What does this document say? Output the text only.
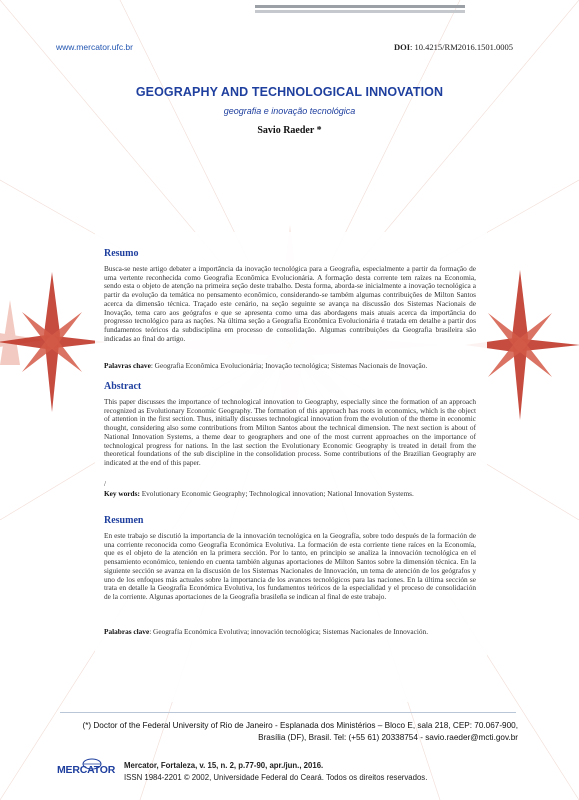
www.mercator.ufc.br	DOI: 10.4215/RM2016.1501.0005
GEOGRAPHY AND TECHNOLOGICAL INNOVATION
geografia e inovação tecnológica
Savio Raeder *
Resumo
Busca-se neste artigo debater a importância da inovação tecnológica para a Geografia, especialmente a partir da formação de uma vertente reconhecida como Geografia Econômica Evolucionária. A formação desta corrente tem raízes na Economia, sendo esta o objeto de atenção na primeira seção deste trabalho. Desta forma, aborda-se inicialmente a inovação tecnológica a partir da evolução da temática no pensamento econômico, considerando-se também algumas contribuições de Milton Santos acerca da dimensão técnica. Traçado este cenário, na seção seguinte se avança na discussão dos Sistemas Nacionais de Inovação, tema caro aos geógrafos e que se apresenta como uma das abordagens mais atuais acerca da importância do progresso tecnológico para as nações. Na última seção a Geografia Econômica Evolucionária é tratada em detalhe a partir dos fundamentos teóricos da subdisciplina em processo de consolidação. Algumas contribuições da Geografia brasileira são indicadas ao final do artigo.
Palavras chave: Geografia Econômica Evolucionária; Inovação tecnológica; Sistemas Nacionais de Inovação.
Abstract
This paper discusses the importance of technological innovation to Geography, especially since the formation of an approach recognized as Evolutionary Economic Geography. The formation of this approach has roots in economics, which is the object of attention in the first section. Thus, initially discusses technological innovation from the evolution of the theme in economic thought, considering also some contributions from Milton Santos about the technical dimension. The next section is about of National Innovation Systems, a theme dear to geographers and one of the most current approaches on the importance of technological progress for nations. In the last section the Evolutionary Economic Geography is treated in detail from the theoretical foundations of the sub discipline in the consolidation process. Some contributions of the Brazilian Geography are indicated at the end of this paper.
/
Key words: Evolutionary Economic Geography; Technological innovation; National Innovation Systems.
Resumen
En este trabajo se discutió la importancia de la innovación tecnológica en la Geografía, sobre todo después de la formación de una corriente reconocida como Geografía Económica Evolutiva. La formación de esta corriente tiene raíces en la Economía, que es el objeto de la atención en la primera sección. Por lo tanto, en principio se analiza la innovación tecnológica en el pensamiento económico, teniendo en cuenta también algunas aportaciones de Milton Santos sobre la dimensión técnica. En la siguiente sección se avanza en la discusión de los Sistemas Nacionales de Innovación, un tema de atención de los geógrafos y uno de los enfoques más actuales sobre la importancia de los avances tecnológicos para las naciones. En la última sección se trata en detalle la Geografía Económica Evolutiva, los fundamentos teóricos de la especialidad y el proceso de consolidación de la corriente. Algunas aportaciones de la Geografía brasileña se indican al final de este trabajo.
Palabras clave: Geografía Económica Evolutiva; innovación tecnológica; Sistemas Nacionales de Innovación.
(*) Doctor of the Federal University of Rio de Janeiro - Esplanada dos Ministérios – Bloco E, sala 218, CEP: 70.067-900,
Brasília (DF), Brasil. Tel: (+55 61) 20338754 - savio.raeder@mcti.gov.br
MERCATOR Mercator, Fortaleza, v. 15, n. 2, p.77-90, apr./jun., 2016.
ISSN 1984-2201 © 2002, Universidade Federal do Ceará. Todos os direitos reservados.
